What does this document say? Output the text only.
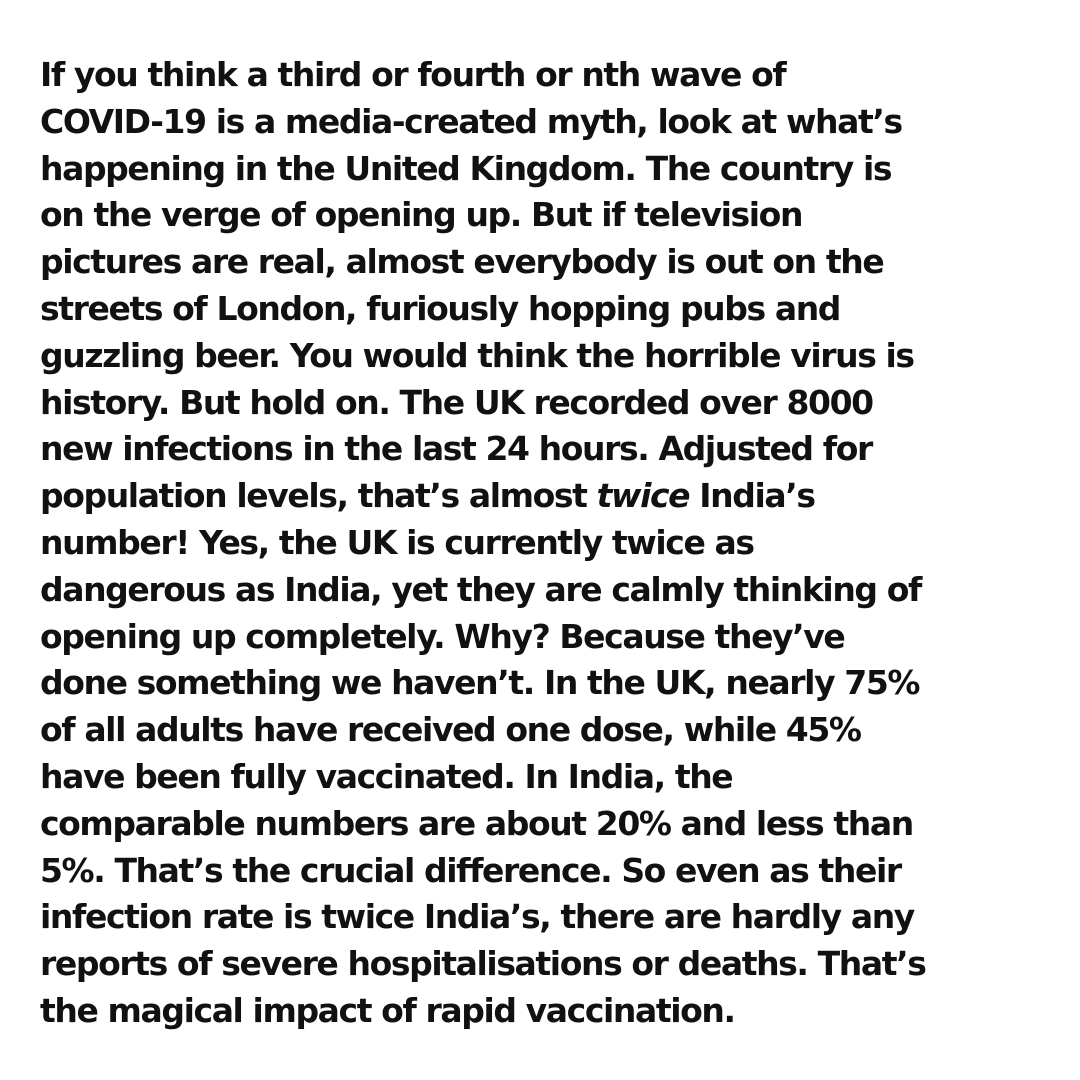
If you think a third or fourth or nth wave of
COVID-19 is a media-created myth, look at what’s
happening in the United Kingdom. The country is
on the verge of opening up. But if television
pictures are real, almost everybody is out on the
streets of London, furiously hopping pubs and
guzzling beer. You would think the horrible virus is
history. But hold on. The UK recorded over 8000
new infections in the last 24 hours. Adjusted for
population levels, that’s almost twice India’s
number! Yes, the UK is currently twice as
dangerous as India, yet they are calmly thinking of
opening up completely. Why? Because they’ve
done something we haven’t. In the UK, nearly 75%
of all adults have received one dose, while 45%
have been fully vaccinated. In India, the
comparable numbers are about 20% and less than
5%. That’s the crucial difference. So even as their
infection rate is twice India’s, there are hardly any
reports of severe hospitalisations or deaths. That’s
the magical impact of rapid vaccination.
